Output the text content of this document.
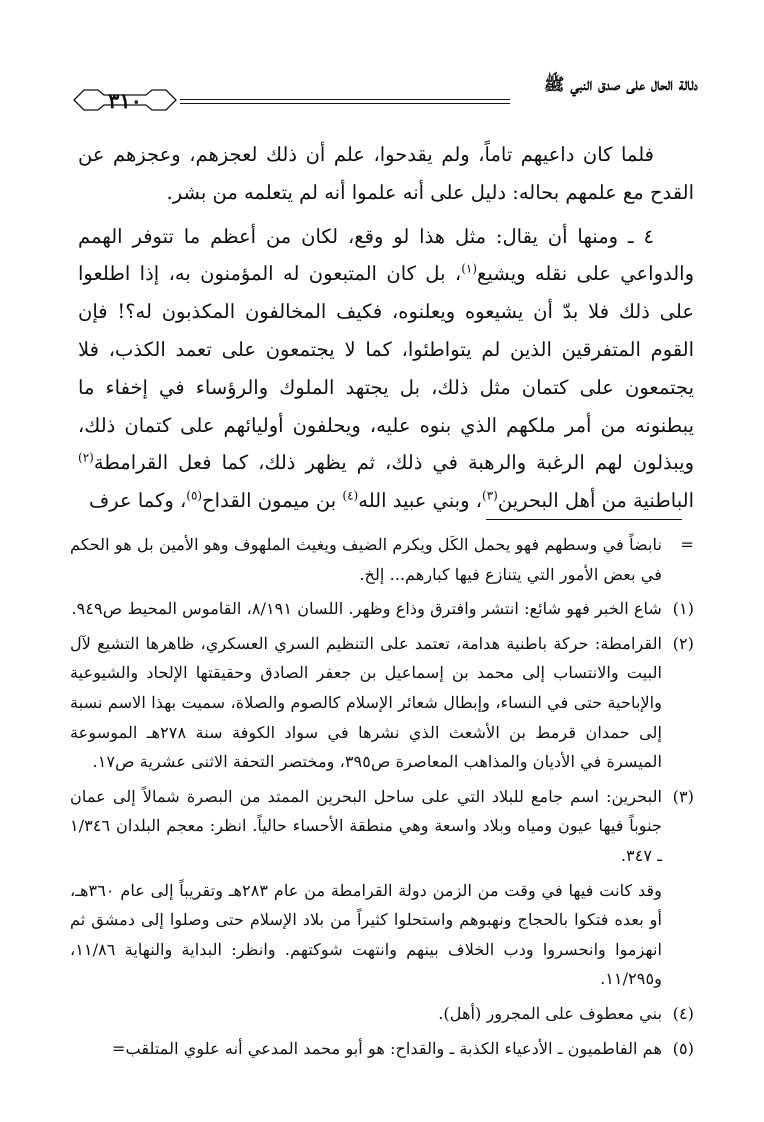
دلالة الحال على صدق النبي ﷺ
٣١٠

فلما كان داعيهم تاماً، ولم يقدحوا، علم أن ذلك لعجزهم، وعجزهم عن القدح مع علمهم بحاله: دليل على أنه علموا أنه لم يتعلمه من بشر.

٤ ـ ومنها أن يقال: مثل هذا لو وقع، لكان من أعظم ما تتوفر الهمم والدواعي على نقله ويشيع$^{(١)}$، بل كان المتبعون له المؤمنون به، إذا اطلعوا على ذلك فلا بدّ أن يشيعوه ويعلنوه، فكيف المخالفون المكذبون له؟! فإن القوم المتفرقين الذين لم يتواطئوا، كما لا يجتمعون على تعمد الكذب، فلا يجتمعون على كتمان مثل ذلك، بل يجتهد الملوك والرؤساء في إخفاء ما يبطنونه من أمر ملكهم الذي بنوه عليه، ويحلفون أوليائهم على كتمان ذلك، ويبذلون لهم الرغبة والرهبة في ذلك، ثم يظهر ذلك، كما فعل القرامطة$^{(٢)}$ الباطنية من أهل البحرين$^{(٣)}$، وبني عبيد الله$^{(٤)}$ بن ميمون القداح$^{(٥)}$، وكما عرف

=
نابضاً في وسطهم فهو يحمل الكَل ويكرم الضيف ويغيث الملهوف وهو الأمين بل هو الحكم في بعض الأمور التي يتنازع فيها كبارهم... إلخ.
(١)
شاع الخبر فهو شائع: انتشر وافترق وذاع وظهر. اللسان ٨/١٩١، القاموس المحيط ص٩٤٩.
(٢)
القرامطة: حركة باطنية هدامة، تعتمد على التنظيم السري العسكري، ظاهرها التشيع لآل البيت والانتساب إلى محمد بن إسماعيل بن جعفر الصادق وحقيقتها الإلحاد والشيوعية والإباحية حتى في النساء، وإبطال شعائر الإسلام كالصوم والصلاة، سميت بهذا الاسم نسبة إلى حمدان قرمط بن الأشعث الذي نشرها في سواد الكوفة سنة ٢٧٨هـ الموسوعة الميسرة في الأديان والمذاهب المعاصرة ص٣٩٥، ومختصر التحفة الاثنى عشرية ص١٧.
(٣)
البحرين: اسم جامع للبلاد التي على ساحل البحرين الممتد من البصرة شمالاً إلى عمان جنوباً فيها عيون ومياه وبلاد واسعة وهي منطقة الأحساء حالياً. انظر: معجم البلدان ١/٣٤٦ ـ ٣٤٧.
وقد كانت فيها في وقت من الزمن دولة القرامطة من عام ٢٨٣هـ وتقريباً إلى عام ٣٦٠هـ، أو بعده فتكوا بالحجاج ونهبوهم واستحلوا كثيراً من بلاد الإسلام حتى وصلوا إلى دمشق ثم انهزموا وانحسروا ودب الخلاف بينهم وانتهت شوكتهم. وانظر: البداية والنهاية ١١/٨٦، و١١/٢٩٥.
(٤)
بني معطوف على المجرور (أهل).
(٥)
هم الفاطميون ـ الأدعياء الكذبة ـ والقداح: هو أبو محمد المدعي أنه علوي المتلقب=
